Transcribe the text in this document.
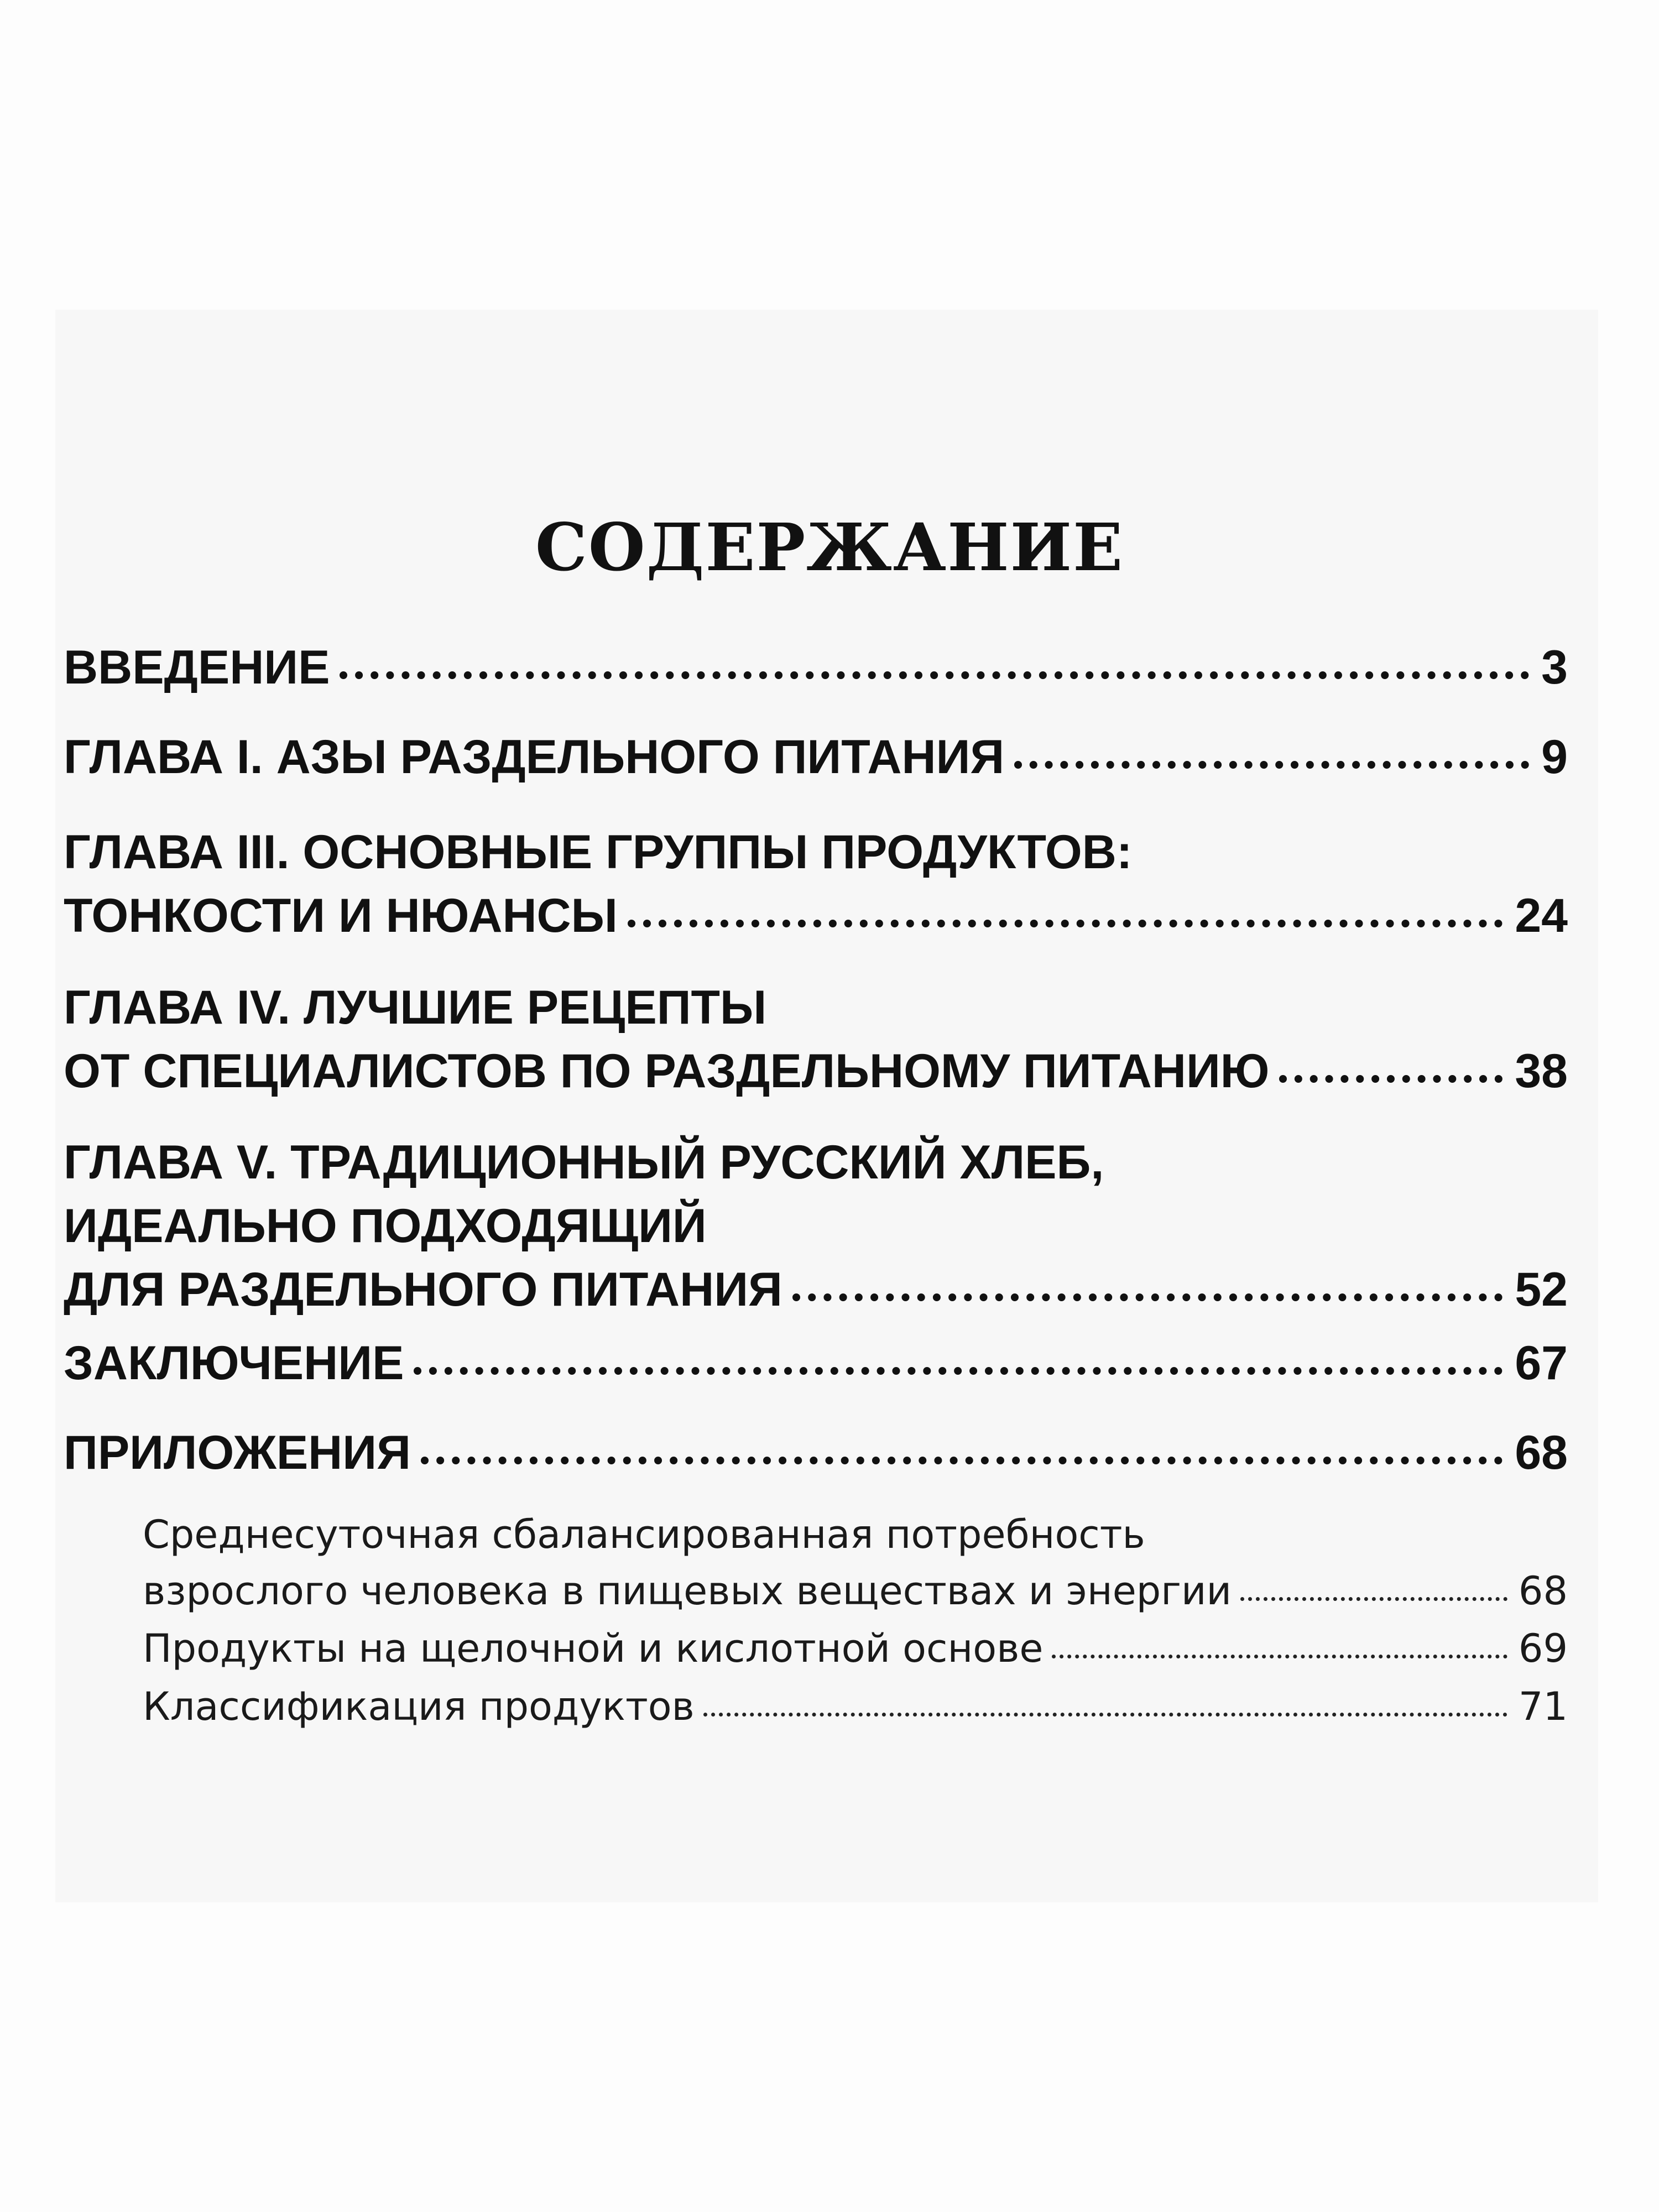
СОДЕРЖАНИЕ
ВВЕДЕНИЕ	3
ГЛАВА I. АЗЫ РАЗДЕЛЬНОГО ПИТАНИЯ	9
ГЛАВА III. ОСНОВНЫЕ ГРУППЫ ПРОДУКТОВ:
ТОНКОСТИ И НЮАНСЫ	24
ГЛАВА IV. ЛУЧШИЕ РЕЦЕПТЫ
ОТ СПЕЦИАЛИСТОВ ПО РАЗДЕЛЬНОМУ ПИТАНИЮ	38
ГЛАВА V. ТРАДИЦИОННЫЙ РУССКИЙ ХЛЕБ,
ИДЕАЛЬНО ПОДХОДЯЩИЙ
ДЛЯ РАЗДЕЛЬНОГО ПИТАНИЯ	52
ЗАКЛЮЧЕНИЕ	67
ПРИЛОЖЕНИЯ	68
Среднесуточная сбалансированная потребность
взрослого человека в пищевых веществах и энергии	68
Продукты на щелочной и кислотной основе	69
Классификация продуктов	71
